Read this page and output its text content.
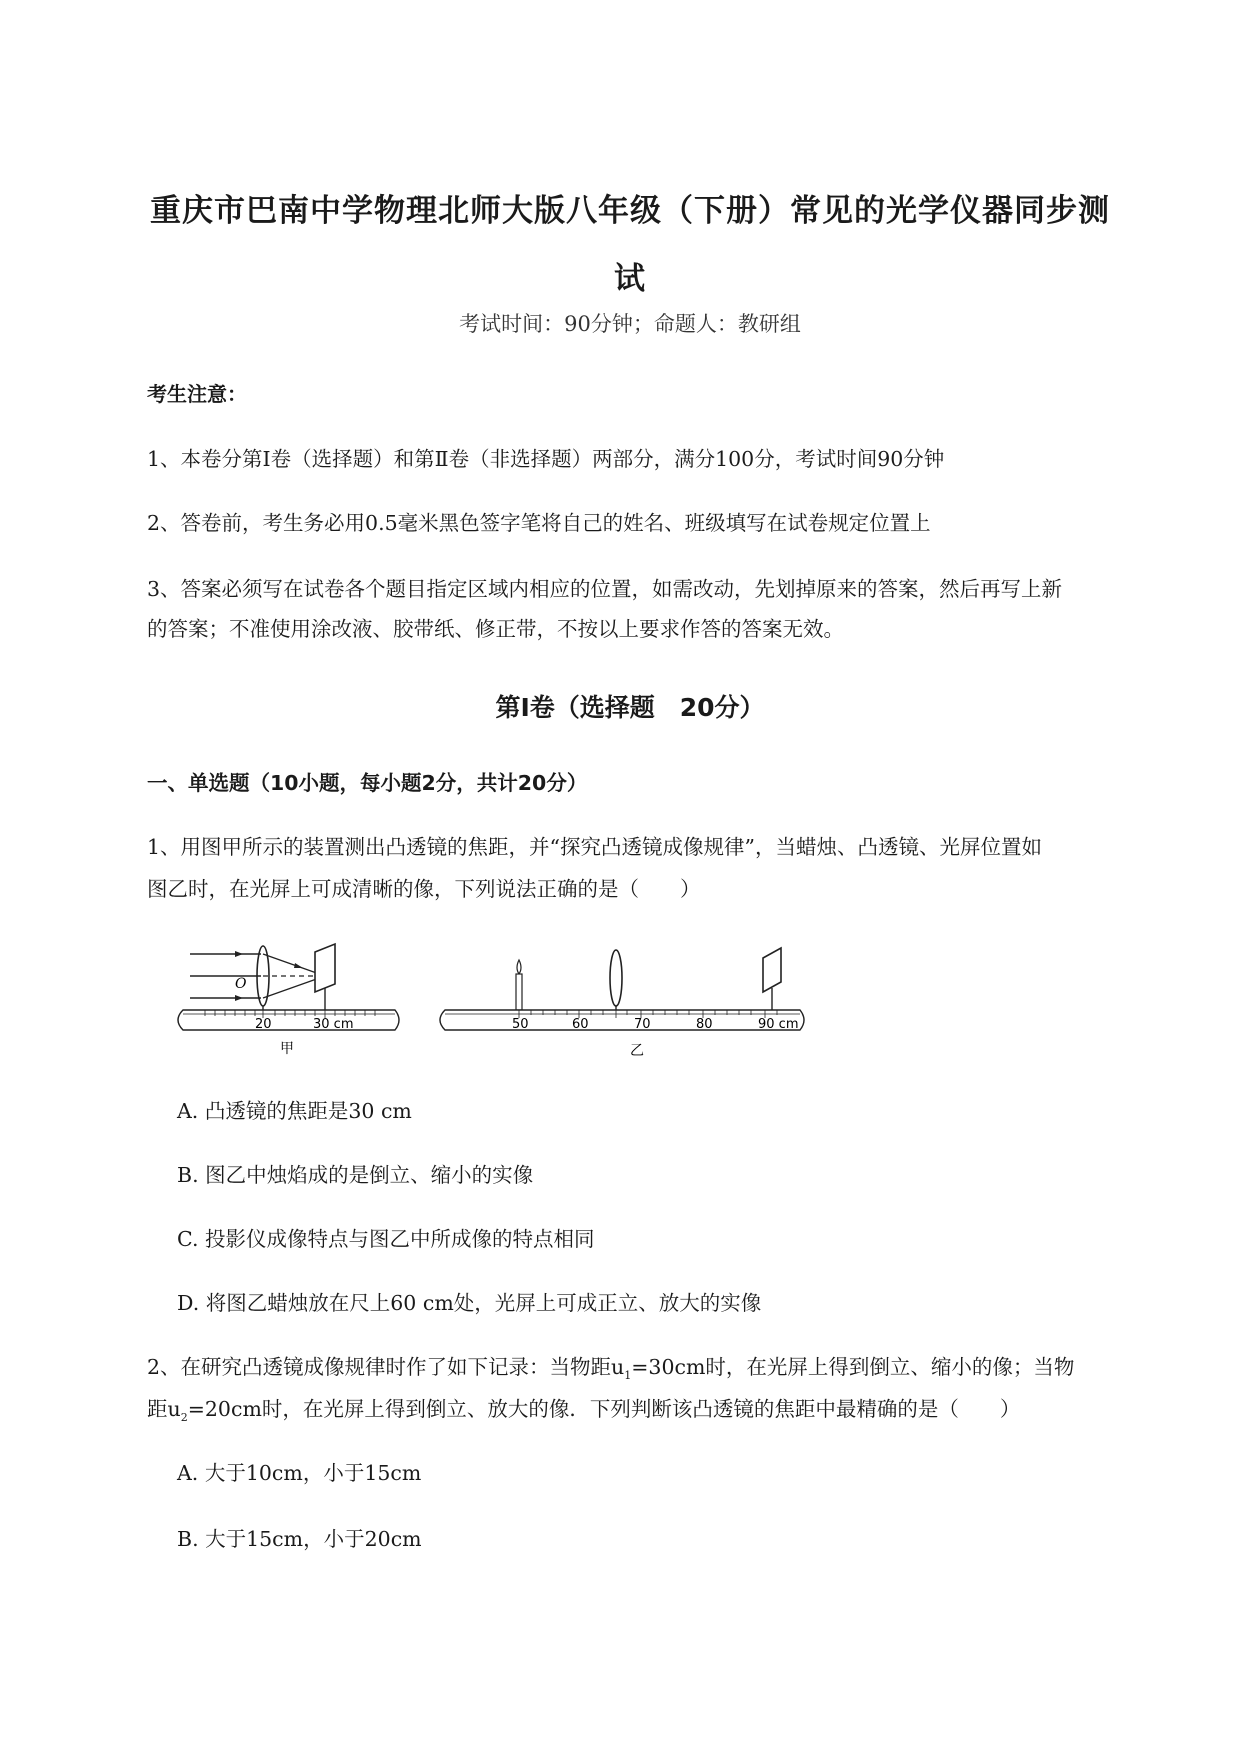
重庆市巴南中学物理北师大版八年级（下册）常见的光学仪器同步测
试
考试时间：90分钟；命题人：教研组
考生注意：
1、本卷分第Ⅰ卷（选择题）和第Ⅱ卷（非选择题）两部分，满分100分，考试时间90分钟
2、答卷前，考生务必用0.5毫米黑色签字笔将自己的姓名、班级填写在试卷规定位置上
3、答案必须写在试卷各个题目指定区域内相应的位置，如需改动，先划掉原来的答案，然后再写上新
的答案；不准使用涂改液、胶带纸、修正带，不按以上要求作答的答案无效。
第Ⅰ卷（选择题　20分）
一、单选题（10小题，每小题2分，共计20分）
1、用图甲所示的装置测出凸透镜的焦距，并“探究凸透镜成像规律”，当蜡烛、凸透镜、光屏位置如
图乙时，在光屏上可成清晰的像，下列说法正确的是（　　）
O
20	30 cm
甲
50	60	70	80	90 cm
乙
A. 凸透镜的焦距是30 cm
B. 图乙中烛焰成的是倒立、缩小的实像
C. 投影仪成像特点与图乙中所成像的特点相同
D. 将图乙蜡烛放在尺上60 cm处，光屏上可成正立、放大的实像
2、在研究凸透镜成像规律时作了如下记录：当物距$u_1=30cm$时，在光屏上得到倒立、缩小的像；当物
距$u_2=20cm$时，在光屏上得到倒立、放大的像．下列判断该凸透镜的焦距中最精确的是（　　）
A. 大于10cm，小于15cm
B. 大于15cm，小于20cm
